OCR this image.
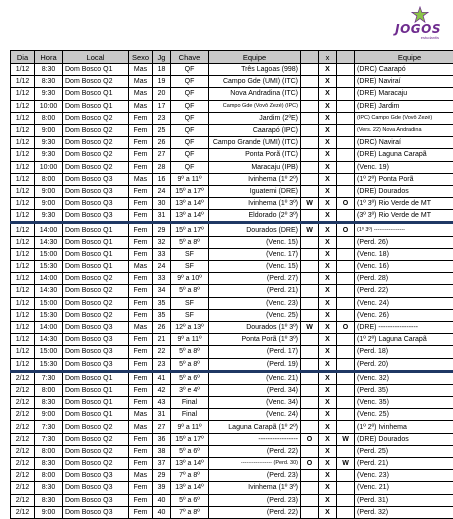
JOGOS
estudantis
Dia	Hora	Local	Sexo	Jg	Chave	Equipe		x		Equipe
1/12	8:30	Dom Bosco Q1	Mas	18	QF	Três Lagoas (998)		X		(DRC) Caarapó
1/12	8:30	Dom Bosco Q2	Mas	19	QF	Campo Gde (UMI) (ITC)		X		(DRE) Naviraí
1/12	9:30	Dom Bosco Q1	Mas	20	QF	Nova Andradina (ITC)		X		(DRE) Maracaju
1/12	10:00	Dom Bosco Q1	Mas	17	QF	Campo Gde (Vovô Zezé) (IPC)		X		(DRE) Jardim
1/12	8:00	Dom Bosco Q2	Fem	23	QF	Jardim (2ºE)		X		(IPC) Campo Gde (Vovô Zezé)
1/12	9:00	Dom Bosco Q2	Fem	25	QF	Caarapó (IPC)		X		(Vers. 22) Nova Andradina
1/12	9:30	Dom Bosco Q2	Fem	26	QF	Campo Grande (UMI) (ITC)		X		(DRC) Naviraí
1/12	9:30	Dom Bosco Q2	Fem	27	QF	Ponta Porã (ITC)		X		(DRE) Laguna Carapã
1/12	10:00	Dom Bosco Q2	Fem	28	QF	Maracaju (IPB)		X		(Venc. 19)
1/12	8:00	Dom Bosco Q3	Mas	16	9º a 11º	Ivinhema (1º 2º)		X		(1º 2º) Ponta Porã
1/12	9:00	Dom Bosco Q3	Fem	24	15º a 17º	Iguatemi (DRE)		X		(DRE) Dourados
1/12	9:00	Dom Bosco Q3	Fem	30	13º a 14º	Ivinhema (1º 3º)	W	X	O	(1º 3º) Rio Verde de MT
1/12	9:30	Dom Bosco Q3	Fem	31	13º a 14º	Eldorado (2º 3º)		X		(3º 3º) Rio Verde de MT
1/12	14:00	Dom Bosco Q1	Fem	29	15º a 17º	Dourados (DRE)	W	X	O	(1º 3º) -----------------
1/12	14:30	Dom Bosco Q1	Fem	32	5º a 8º	(Venc. 15)		X		(Perd. 26)
1/12	15:00	Dom Bosco Q1	Fem	33	SF	(Venc. 17)		X		(Venc. 18)
1/12	15:30	Dom Bosco Q1	Mas	24	SF	(Venc. 15)		X		(Venc. 16)
1/12	14:00	Dom Bosco Q2	Fem	33	9º a 10º	(Perd. 27)		X		(Perd. 28)
1/12	14:30	Dom Bosco Q2	Fem	34	5º a 8º	(Perd. 21)		X		(Perd. 22)
1/12	15:00	Dom Bosco Q2	Fem	35	SF	(Venc. 23)		X		(Venc. 24)
1/12	15:30	Dom Bosco Q2	Fem	35	SF	(Venc. 25)		X		(Venc. 26)
1/12	14:00	Dom Bosco Q3	Mas	26	12º a 13º	Dourados (1º 3º)	W	X	O	(DRE) -----------------
1/12	14:30	Dom Bosco Q3	Fem	21	9º a 11º	Ponta Porã (1º 3º)		X		(1º 2º) Laguna Carapã
1/12	15:00	Dom Bosco Q3	Fem	22	5º a 8º	(Perd. 17)		X		(Perd. 18)
1/12	15:30	Dom Bosco Q3	Fem	23	5º a 8º	(Perd. 19)		X		(Perd. 20)
2/12	7:30	Dom Bosco Q1	Fem	41	5º a 6º	(Venc. 21)		X		(Venc. 32)
2/12	8:00	Dom Bosco Q1	Fem	42	3º e 4º	(Perd. 34)		X		(Perd. 35)
2/12	8:30	Dom Bosco Q1	Fem	43	Final	(Venc. 34)		X		(Venc. 35)
2/12	9:00	Dom Bosco Q1	Mas	31	Final	(Venc. 24)		X		(Venc. 25)
2/12	7:30	Dom Bosco Q2	Mas	27	9º a 11º	Laguna Carapã (1º 2º)		X		(1º 2º) Ivinhema
2/12	7:30	Dom Bosco Q2	Fem	36	15º a 17º	-----------------	O	X	W	(DRE) Dourados
2/12	8:00	Dom Bosco Q2	Fem	38	5º a 6º	(Perd. 22)		X		(Perd. 25)
2/12	8:30	Dom Bosco Q2	Fem	37	13º a 14º	----------------- (Perd. 30)	O	X	W	(Perd. 21)
2/12	8:00	Dom Bosco Q3	Mas	29	7º a 8º	(Perd. 23)		X		(Venc. 23)
2/12	8:30	Dom Bosco Q3	Fem	39	13º a 14º	Ivinhema (1º 3º)		X		(Venc. 21)
2/12	8:30	Dom Bosco Q3	Fem	40	5º a 6º	(Perd. 23)		X		(Perd. 31)
2/12	9:00	Dom Bosco Q3	Fem	40	7º a 8º	(Perd. 22)		X		(Perd. 32)
